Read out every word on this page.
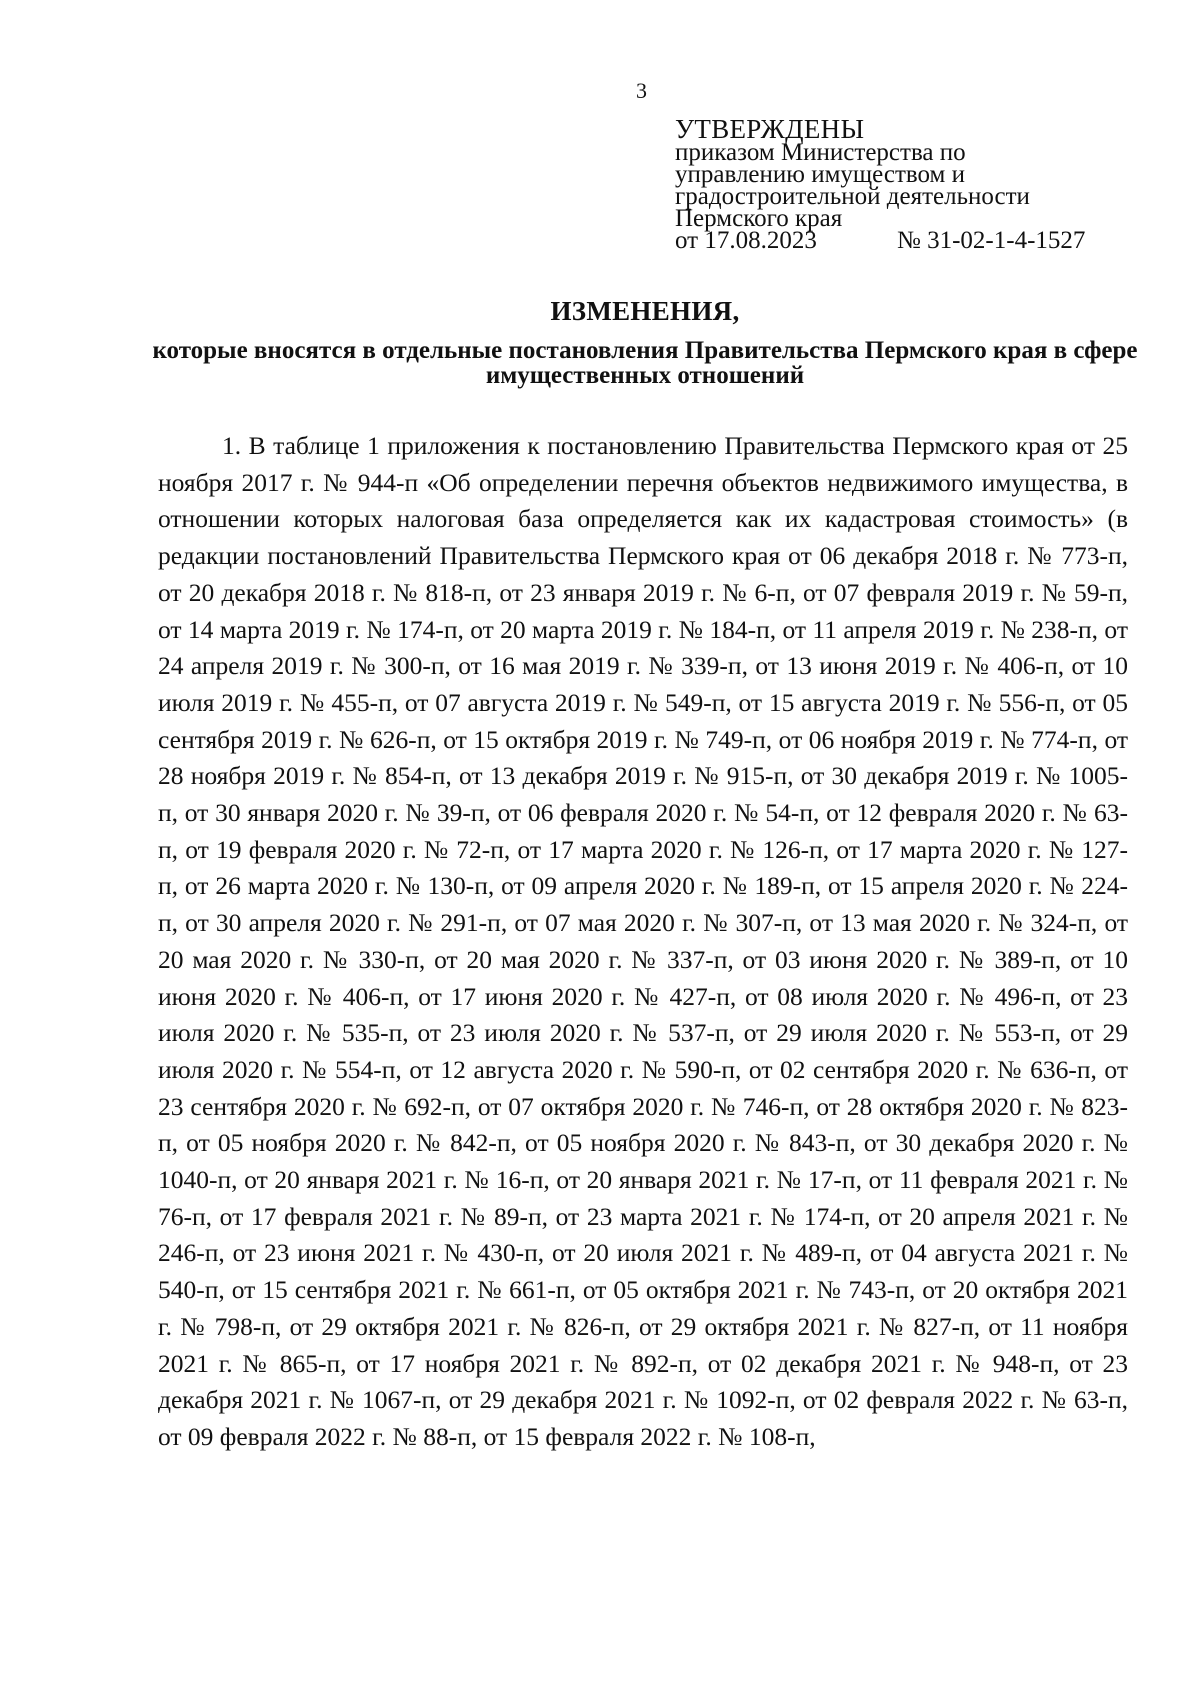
3
УТВЕРЖДЕНЫ
приказом Министерства по
управлению имуществом и
градостроительной деятельности
Пермского края
от 17.08.2023	№ 31-02-1-4-1527
ИЗМЕНЕНИЯ,
которые вносятся в отдельные постановления Правительства Пермского края в сфере имущественных отношений

1. В таблице 1 приложения к постановлению Правительства Пермского края от 25 ноября 2017 г. № 944-п «Об определении перечня объектов недвижимого имущества, в отношении которых налоговая база определяется как их кадастровая стоимость» (в редакции постановлений Правительства Пермского края от 06 декабря 2018 г. № 773-п, от 20 декабря 2018 г. № 818-п, от 23 января 2019 г. № 6-п, от 07 февраля 2019 г. № 59-п, от 14 марта 2019 г. № 174-п, от 20 марта 2019 г. № 184-п, от 11 апреля 2019 г. № 238-п, от 24 апреля 2019 г. № 300-п, от 16 мая 2019 г. № 339-п, от 13 июня 2019 г. № 406-п, от 10 июля 2019 г. № 455-п, от 07 августа 2019 г. № 549-п, от 15 августа 2019 г. № 556-п, от 05 сентября 2019 г. № 626-п, от 15 октября 2019 г. № 749-п, от 06 ноября 2019 г. № 774-п, от 28 ноября 2019 г. № 854-п, от 13 декабря 2019 г. № 915-п, от 30 декабря 2019 г. № 1005-п, от 30 января 2020 г. № 39-п, от 06 февраля 2020 г. № 54-п, от 12 февраля 2020 г. № 63-п, от 19 февраля 2020 г. № 72-п, от 17 марта 2020 г. № 126-п, от 17 марта 2020 г. № 127-п, от 26 марта 2020 г. № 130-п, от 09 апреля 2020 г. № 189-п, от 15 апреля 2020 г. № 224-п, от 30 апреля 2020 г. № 291-п, от 07 мая 2020 г. № 307-п, от 13 мая 2020 г. № 324-п, от 20 мая 2020 г. № 330-п, от 20 мая 2020 г. № 337-п, от 03 июня 2020 г. № 389-п, от 10 июня 2020 г. № 406-п, от 17 июня 2020 г. № 427-п, от 08 июля 2020 г. № 496-п, от 23 июля 2020 г. № 535-п, от 23 июля 2020 г. № 537-п, от 29 июля 2020 г. № 553-п, от 29 июля 2020 г. № 554-п, от 12 августа 2020 г. № 590-п, от 02 сентября 2020 г. № 636-п, от 23 сентября 2020 г. № 692-п, от 07 октября 2020 г. № 746-п, от 28 октября 2020 г. № 823-п, от 05 ноября 2020 г. № 842-п, от 05 ноября 2020 г. № 843-п, от 30 декабря 2020 г. № 1040-п, от 20 января 2021 г. № 16-п, от 20 января 2021 г. № 17-п, от 11 февраля 2021 г. № 76-п, от 17 февраля 2021 г. № 89-п, от 23 марта 2021 г. № 174-п, от 20 апреля 2021 г. № 246-п, от 23 июня 2021 г. № 430-п, от 20 июля 2021 г. № 489-п, от 04 августа 2021 г. № 540-п, от 15 сентября 2021 г. № 661-п, от 05 октября 2021 г. № 743-п, от 20 октября 2021 г. № 798-п, от 29 октября 2021 г. № 826-п, от 29 октября 2021 г. № 827-п, от 11 ноября 2021 г. № 865-п, от 17 ноября 2021 г. № 892-п, от 02 декабря 2021 г. № 948-п, от 23 декабря 2021 г. № 1067-п, от 29 декабря 2021 г. № 1092-п, от 02 февраля 2022 г. № 63-п, от 09 февраля 2022 г. № 88-п, от 15 февраля 2022 г. № 108-п,
